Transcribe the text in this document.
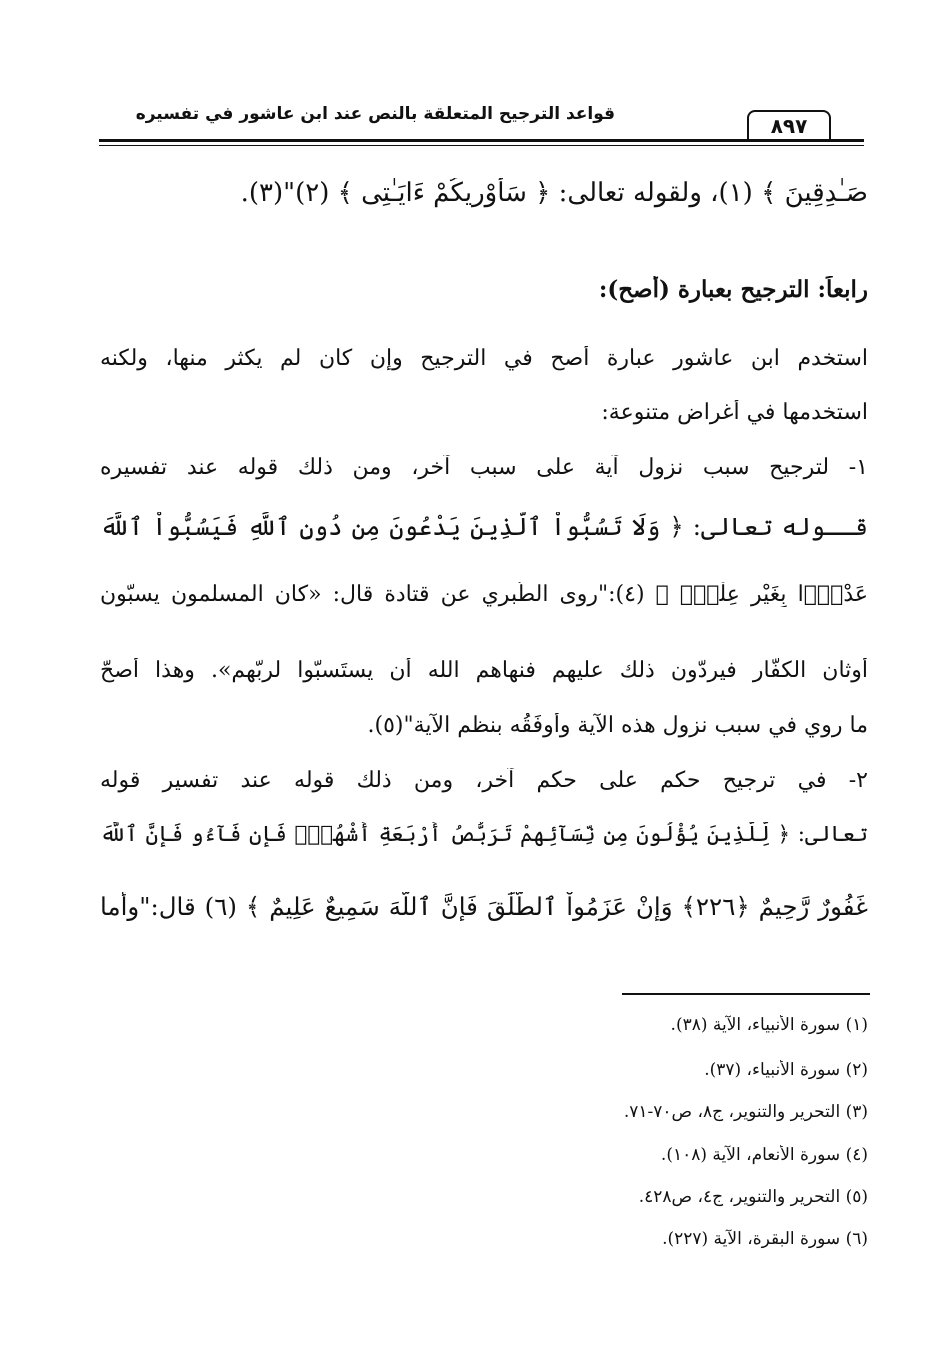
قواعد الترجيح المتعلقة بالنص عند ابن عاشور في تفسيره	٨٩٧
صَـٰدِقِينَ ﴾ (١)، ولقوله تعالى: ﴿ سَأُوْرِيكُمْ ءَايَـٰتِى ﴾ (٢)"(٣).
رابعاً: الترجيح بعبارة (أصح):
استخدم ابن عاشور عبارة أصح في الترجيح وإن كان لم يكثر منها، ولكنه
استخدمها في أغراض متنوعة:
١- لترجيح سبب نزول آية على سبب آخر، ومن ذلك قوله عند تفسيره
قــوله تعالى: ﴿ وَلَا تَسُبُّواْ ٱلَّذِينَ يَدْعُونَ مِن دُونِ ٱللَّهِ فَيَسُبُّواْ ٱللَّهَ
عَدْوَۢا بِغَيْرِ عِلْمٍۗ ﴾ (٤):"روى الطّبري عن قتادة قال: «كان المسلمون يسبّون
أوثان الكفّار فيردّون ذلك عليهم فنهاهم الله أن يستَسبّوا لربّهم». وهذا أصحّ
ما روي في سبب نزول هذه الآية وأوفَقُه بنظم الآية"(٥).
٢- في ترجيح حكم على حكم آخر، ومن ذلك قوله عند تفسير قوله
تعالى: ﴿ لِّلَّذِينَ يُؤْلُونَ مِن نِّسَآئِهِمْ تَرَبُّصُ أَرْبَعَةِ أَشْهُرٍۖ فَإِن فَآءُو فَإِنَّ ٱللَّهَ
غَفُورٌ رَّحِيمٌ ﴿٢٢٦﴾ وَإِنْ عَزَمُواْ ٱلطَّلَٰقَ فَإِنَّ ٱللَّهَ سَمِيعٌ عَلِيمٌ ﴾ (٦) قال:"وأما
(١) سورة الأنبياء، الآية (٣٨).
(٢) سورة الأنبياء، (٣٧).
(٣) التحرير والتنوير، ج٨، ص٧٠-٧١.
(٤) سورة الأنعام، الآية (١٠٨).
(٥) التحرير والتنوير، ج٤، ص٤٢٨.
(٦) سورة البقرة، الآية (٢٢٧).
